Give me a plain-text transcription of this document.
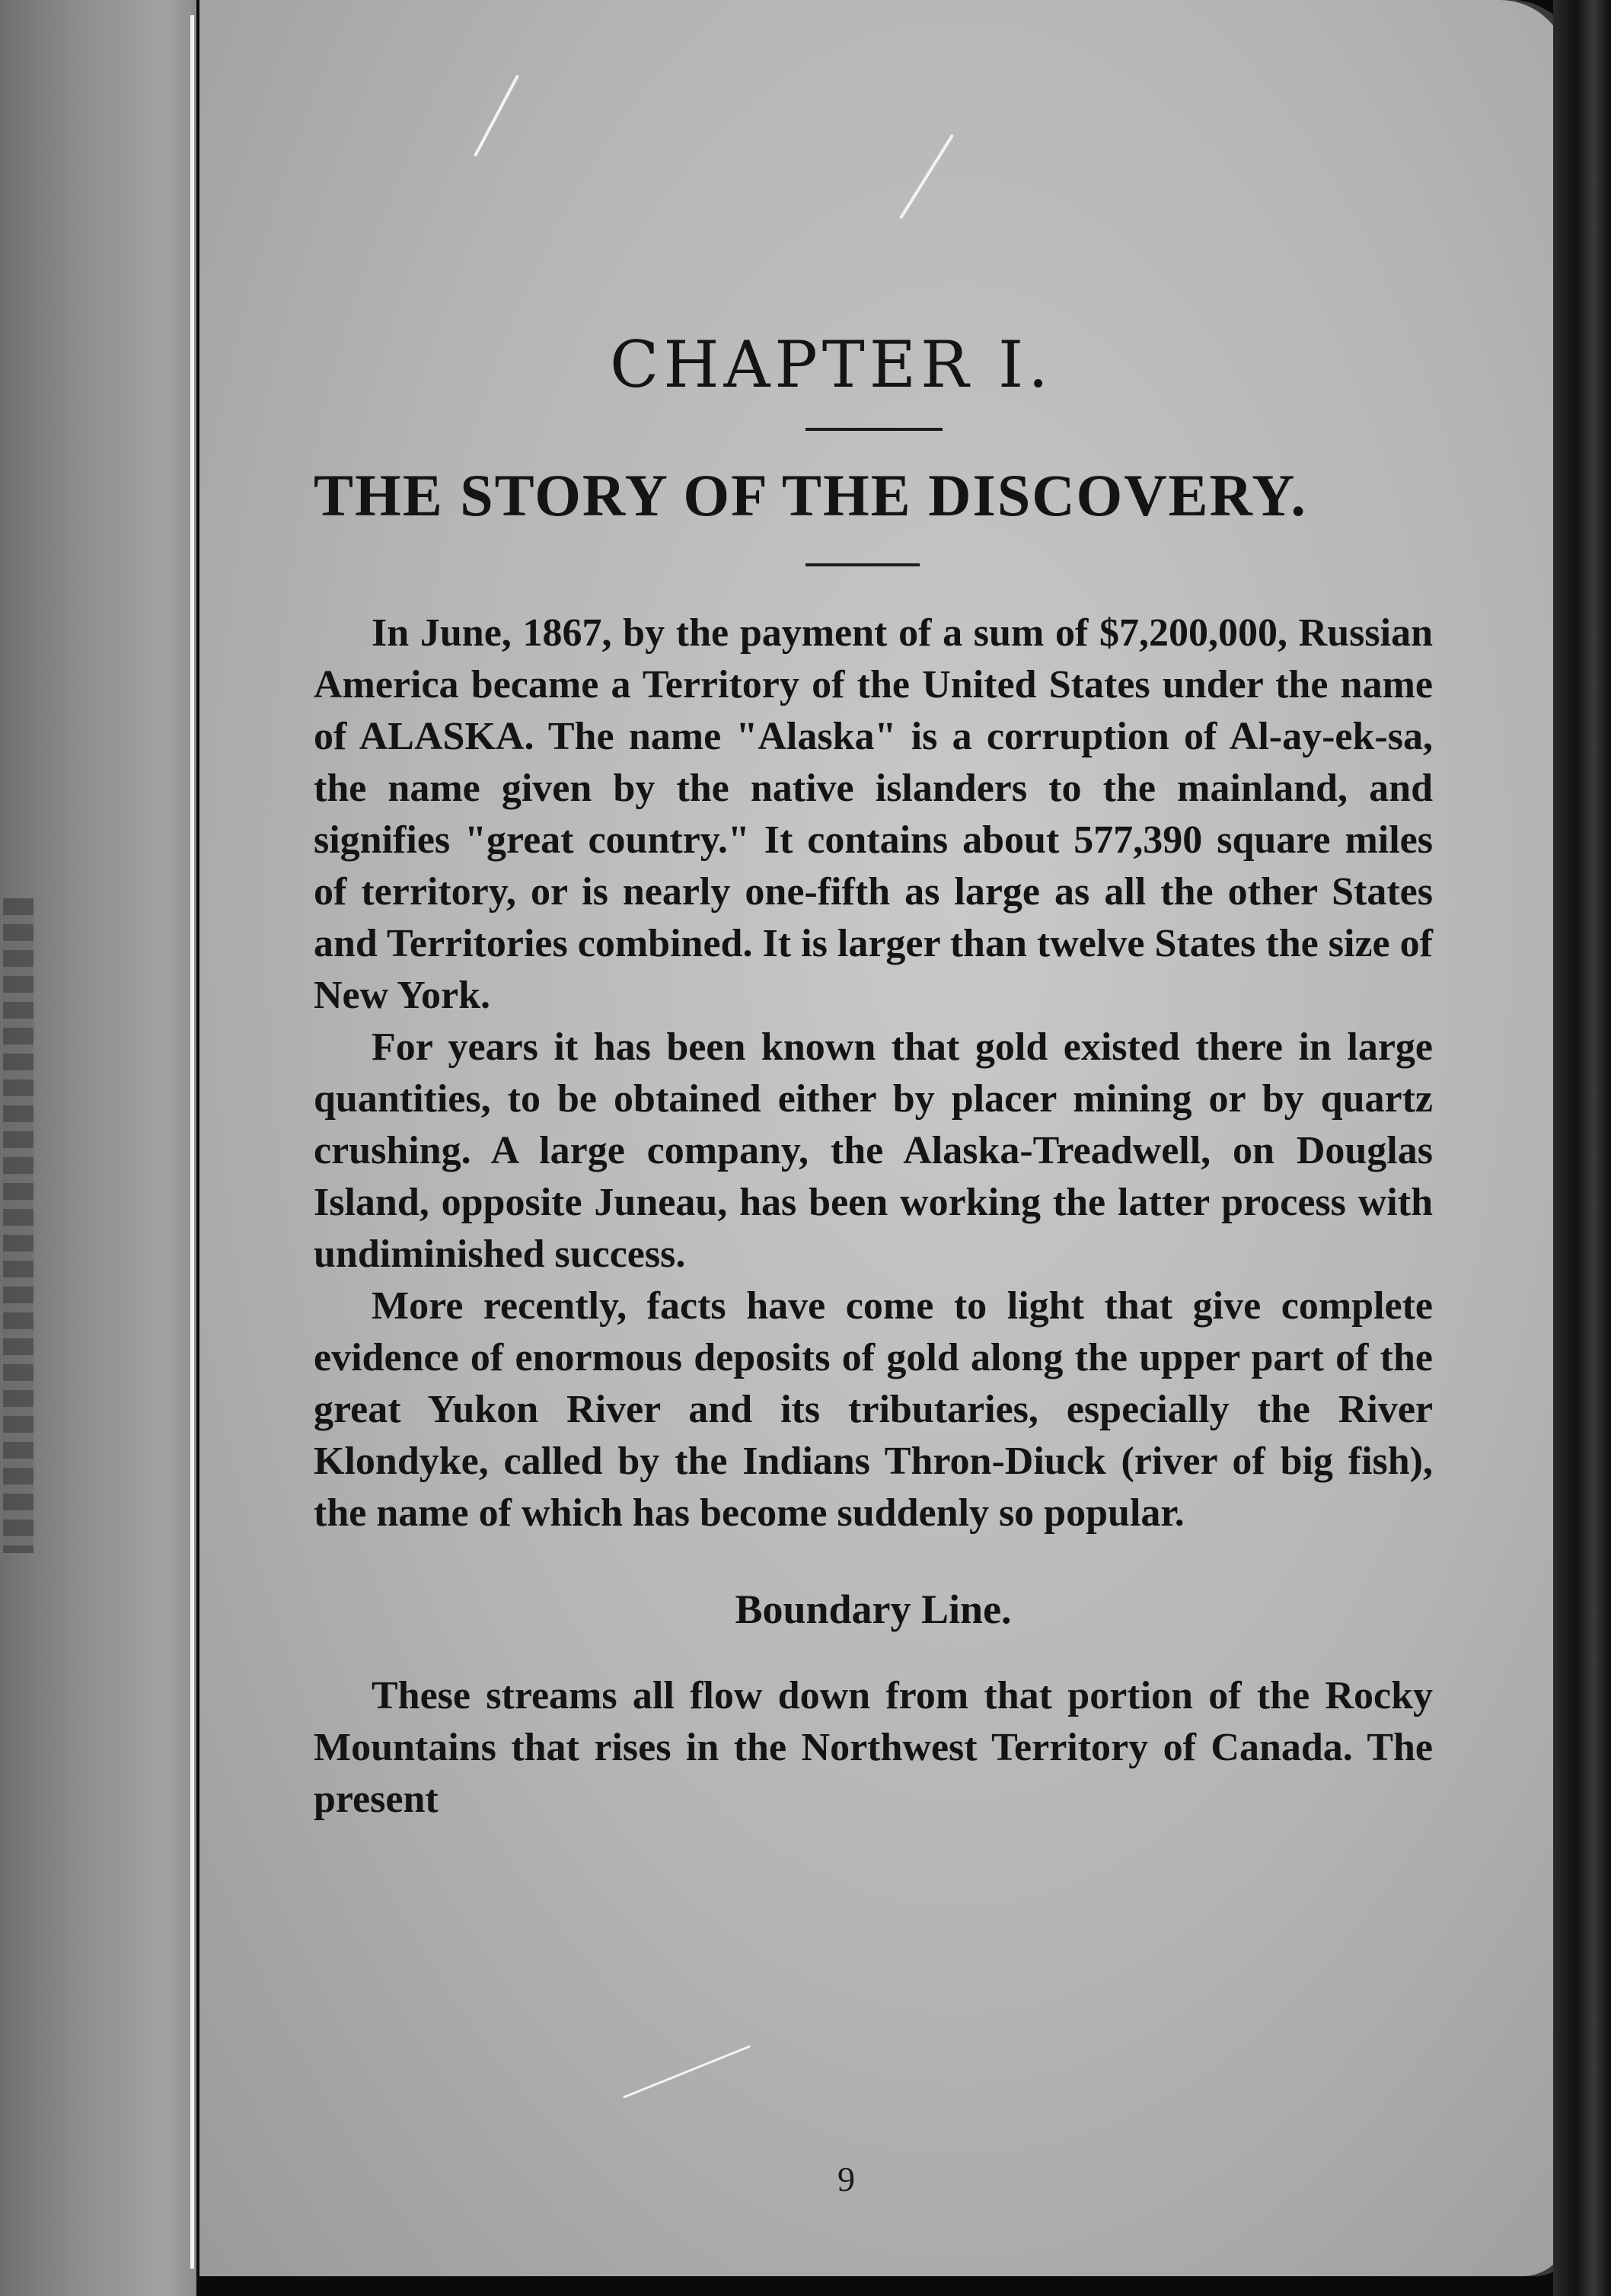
CHAPTER I.
THE STORY OF THE DISCOVERY.

In June, 1867, by the payment of a sum of $7,200,000, Russian America became a Territory of the United States under the name of ALASKA. The name "Alaska" is a corruption of Al-ay-ek-sa, the name given by the native islanders to the mainland, and signifies "great country." It contains about 577,390 square miles of territory, or is nearly one-fifth as large as all the other States and Territories combined. It is larger than twelve States the size of New York.

For years it has been known that gold existed there in large quantities, to be obtained either by placer mining or by quartz crushing. A large company, the Alaska-Treadwell, on Douglas Island, opposite Juneau, has been working the latter process with undiminished success.

More recently, facts have come to light that give complete evidence of enormous deposits of gold along the upper part of the great Yukon River and its tributaries, especially the River Klondyke, called by the Indians Thron-Diuck (river of big fish), the name of which has become suddenly so popular.

Boundary Line.

These streams all flow down from that portion of the Rocky Mountains that rises in the Northwest Territory of Canada. The present

9
